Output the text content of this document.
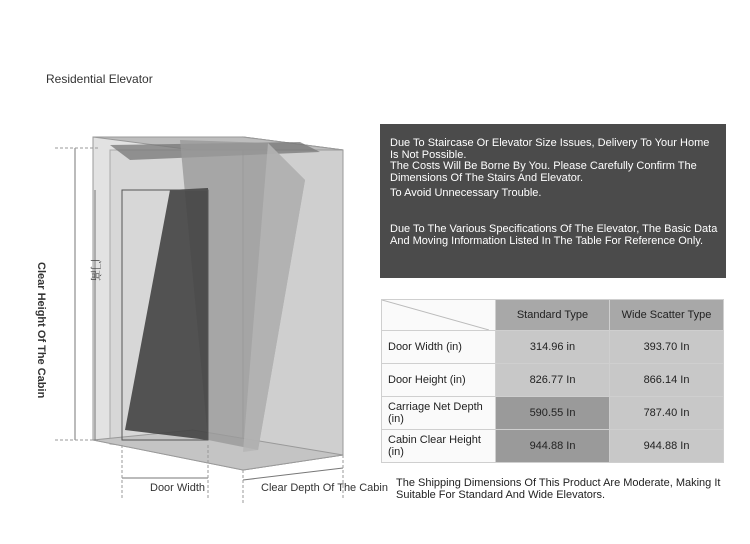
Residential Elevator
Clear Height Of The Cabin	门高
Door Width	Clear Depth Of The Cabin

Due To Staircase Or Elevator Size Issues, Delivery To Your Home Is Not Possible.

The Costs Will Be Borne By You. Please Carefully Confirm The Dimensions Of The Stairs And Elevator.

To Avoid Unnecessary Trouble.

Due To The Various Specifications Of The Elevator, The Basic Data And Moving Information Listed In The Table For Reference Only.

	Standard Type	Wide Scatter Type
Door Width (in)	314.96 in	393.70 In
Door Height (in)	826.77 In	866.14 In
Carriage Net Depth (in)	590.55 In	787.40 In
Cabin Clear Height (in)	944.88 In	944.88 In
The Shipping Dimensions Of This Product Are Moderate, Making It Suitable For Standard And Wide Elevators.
